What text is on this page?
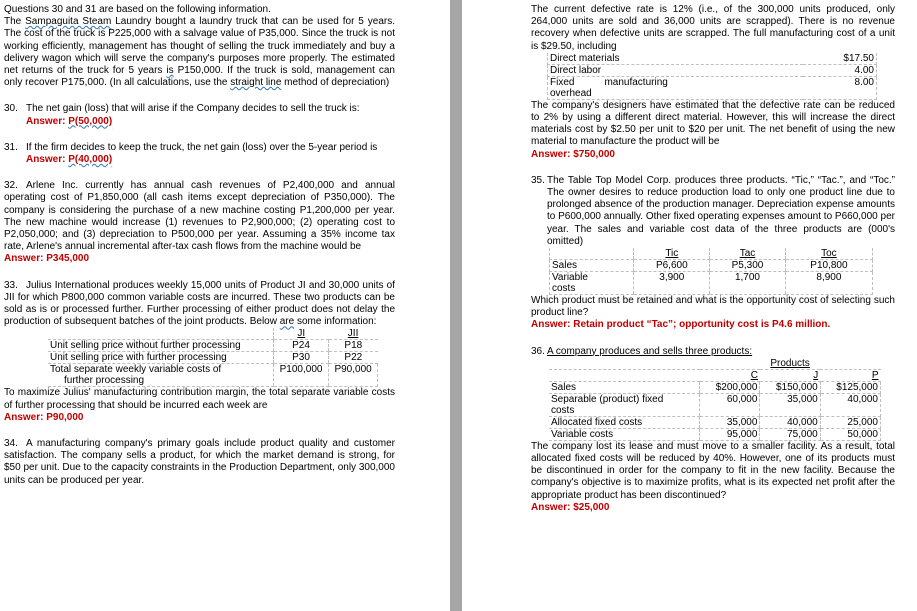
Questions 30 and 31 are based on the following information.
The Sampaguita Steam Laundry bought a laundry truck that can be used for 5 years. The cost of the truck is P225,000 with a salvage value of P35,000. Since the truck is not working efficiently, management has thought of selling the truck immediately and buy a delivery wagon which will serve the company's purposes more properly. The estimated net returns of the truck for 5 years is P150,000. If the truck is sold, management can only recover P175,000. (In all calculations, use the straight line method of depreciation)
30. The net gain (loss) that will arise if the Company decides to sell the truck is:
Answer: P(50,000)
31. If the firm decides to keep the truck, the net gain (loss) over the 5-year period is
Answer: P(40,000)
32. Arlene Inc. currently has annual cash revenues of P2,400,000 and annual operating cost of P1,850,000 (all cash items except depreciation of P350,000). The company is considering the purchase of a new machine costing P1,200,000 per year. The new machine would increase (1) revenues to P2,900,000; (2) operating cost to P2,050,000; and (3) depreciation to P500,000 per year. Assuming a 35% income tax rate, Arlene's annual incremental after-tax cash flows from the machine would be
Answer: P345,000
33. Julius International produces weekly 15,000 units of Product JI and 30,000 units of JII for which P800,000 common variable costs are incurred. These two products can be sold as is or processed further. Further processing of either product does not delay the production of subsequent batches of the joint products. Below are some information:
	JI	JII
Unit selling price without further processing	P24	P18
Unit selling price with further processing	P30	P22
Total separate weekly variable costs of
further processing	P100,000	P90,000
To maximize Julius' manufacturing contribution margin, the total separate variable costs of further processing that should be incurred each week are
Answer: P90,000
34. A manufacturing company's primary goals include product quality and customer satisfaction. The company sells a product, for which the market demand is strong, for $50 per unit. Due to the capacity constraints in the Production Department, only 300,000 units can be produced per year.
The current defective rate is 12% (i.e., of the 300,000 units produced, only 264,000 units are sold and 36,000 units are scrapped). There is no revenue recovery when defective units are scrapped. The full manufacturing cost of a unit is $29.50, including
Direct materials	$17.50
Direct labor	4.00
Fixed manufacturing
overhead	8.00
The company's designers have estimated that the defective rate can be reduced to 2% by using a different direct material. However, this will increase the direct materials cost by $2.50 per unit to $20 per unit. The net benefit of using the new material to manufacture the product will be
Answer: $750,000
35. The Table Top Model Corp. produces three products. “Tic,” “Tac.”, and “Toc.” The owner desires to reduce production load to only one product line due to prolonged absence of the production manager. Depreciation expense amounts to P600,000 annually. Other fixed operating expenses amount to P660,000 per year. The sales and variable cost data of the three products are (000's omitted)
	Tic	Tac	Toc
Sales	P6,600	P5,300	P10,800
Variable
costs	3,900	1,700	8,900
Which product must be retained and what is the opportunity cost of selecting such product line?
Answer: Retain product “Tac”; opportunity cost is P4.6 million.
36. A company produces and sells three products:
	Products		
	C	J	P
Sales	$200,000	$150,000	$125,000
Separable (product) fixed
costs	60,000	35,000	40,000
Allocated fixed costs	35,000	40,000	25,000
Variable costs	95,000	75,000	50,000
The company lost its lease and must move to a smaller facility. As a result, total allocated fixed costs will be reduced by 40%. However, one of its products must be discontinued in order for the company to fit in the new facility. Because the company's objective is to maximize profits, what is its expected net profit after the appropriate product has been discontinued?
Answer: $25,000
